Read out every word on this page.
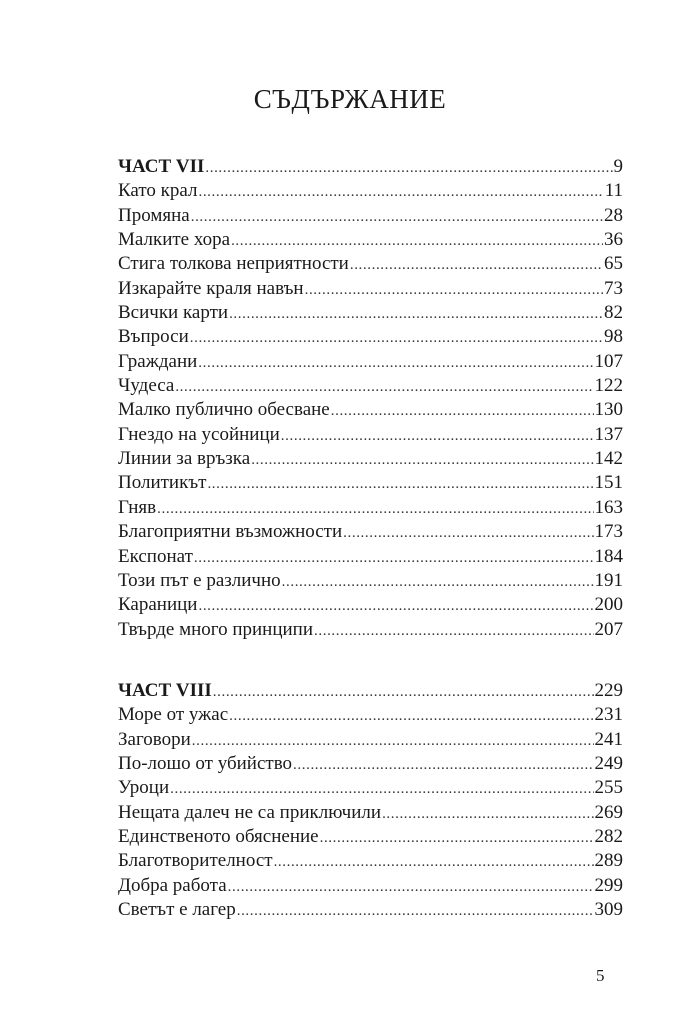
СЪДЪРЖАНИЕ
ЧАСТ VII .....	9
Като крал .....	11
Промяна .....	28
Малките хора .....	36
Стига толкова неприятности .....	65
Изкарайте краля навън .....	73
Всички карти .....	82
Въпроси .....	98
Граждани .....	107
Чудеса .....	122
Малко публично обесване .....	130
Гнездо на усойници .....	137
Линии за връзка .....	142
Политикът .....	151
Гняв .....	163
Благоприятни възможности .....	173
Експонат .....	184
Този път е различно .....	191
Караници .....	200
Твърде много принципи .....	207
ЧАСТ VIII .....	229
Море от ужас .....	231
Заговори .....	241
По-лошо от убийство .....	249
Уроци .....	255
Нещата далеч не са приключили .....	269
Единственото обяснение .....	282
Благотворителност .....	289
Добра работа .....	299
Светът е лагер .....	309
5
